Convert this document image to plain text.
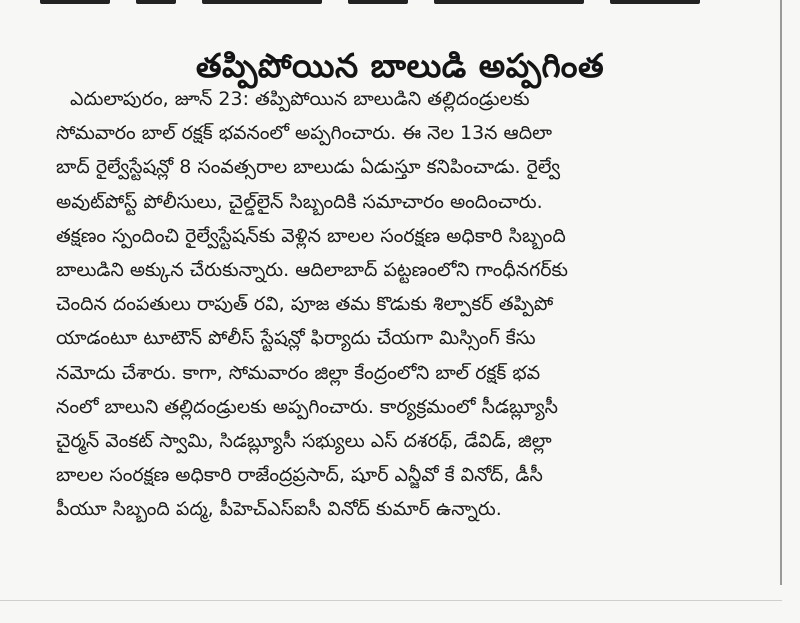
తప్పిపోయిన బాలుడి అప్పగింత
ఎదులాపురం, జూన్ 23: తప్పిపోయిన బాలుడిని తల్లిదండ్రులకు
సోమవారం బాల్ రక్షక్ భవనంలో అప్పగించారు. ఈ నెల 13న ఆదిలా
బాద్ రైల్వేస్టేషన్లో 8 సంవత్సరాల బాలుడు ఏడుస్తూ కనిపించాడు. రైల్వే
అవుట్‌పోస్ట్ పోలీసులు, చైల్డ్‌లైన్ సిబ్బందికి సమాచారం అందించారు.
తక్షణం స్పందించి రైల్వేస్టేషన్‌కు వెళ్లిన బాలల సంరక్షణ అధికారి సిబ్బంది
బాలుడిని అక్కున చేరుకున్నారు. ఆదిలాబాద్ పట్టణంలోని గాంధీనగర్‌కు
చెందిన దంపతులు రాపుత్ రవి, పూజ తమ కొడుకు శిల్పాకర్ తప్పిపో
యాడంటూ టూటౌన్ పోలీస్ స్టేషన్లో ఫిర్యాదు చేయగా మిస్సింగ్ కేసు
నమోదు చేశారు. కాగా, సోమవారం జిల్లా కేంద్రంలోని బాల్ రక్షక్ భవ
నంలో బాలుని తల్లిదండ్రులకు అప్పగించారు. కార్యక్రమంలో సీడబ్ల్యూసీ
చైర్మన్ వెంకట్ స్వామి, సిడబ్ల్యూసీ సభ్యులు ఎస్ దశరథ్, డేవిడ్, జిల్లా
బాలల సంరక్షణ అధికారి రాజేంద్రప్రసాద్, షూర్ ఎన్జీవో కే వినోద్, డీసీ
పీయూ సిబ్బంది పద్మ, పీహెచ్ఎస్ఐసీ వినోద్ కుమార్ ఉన్నారు.
